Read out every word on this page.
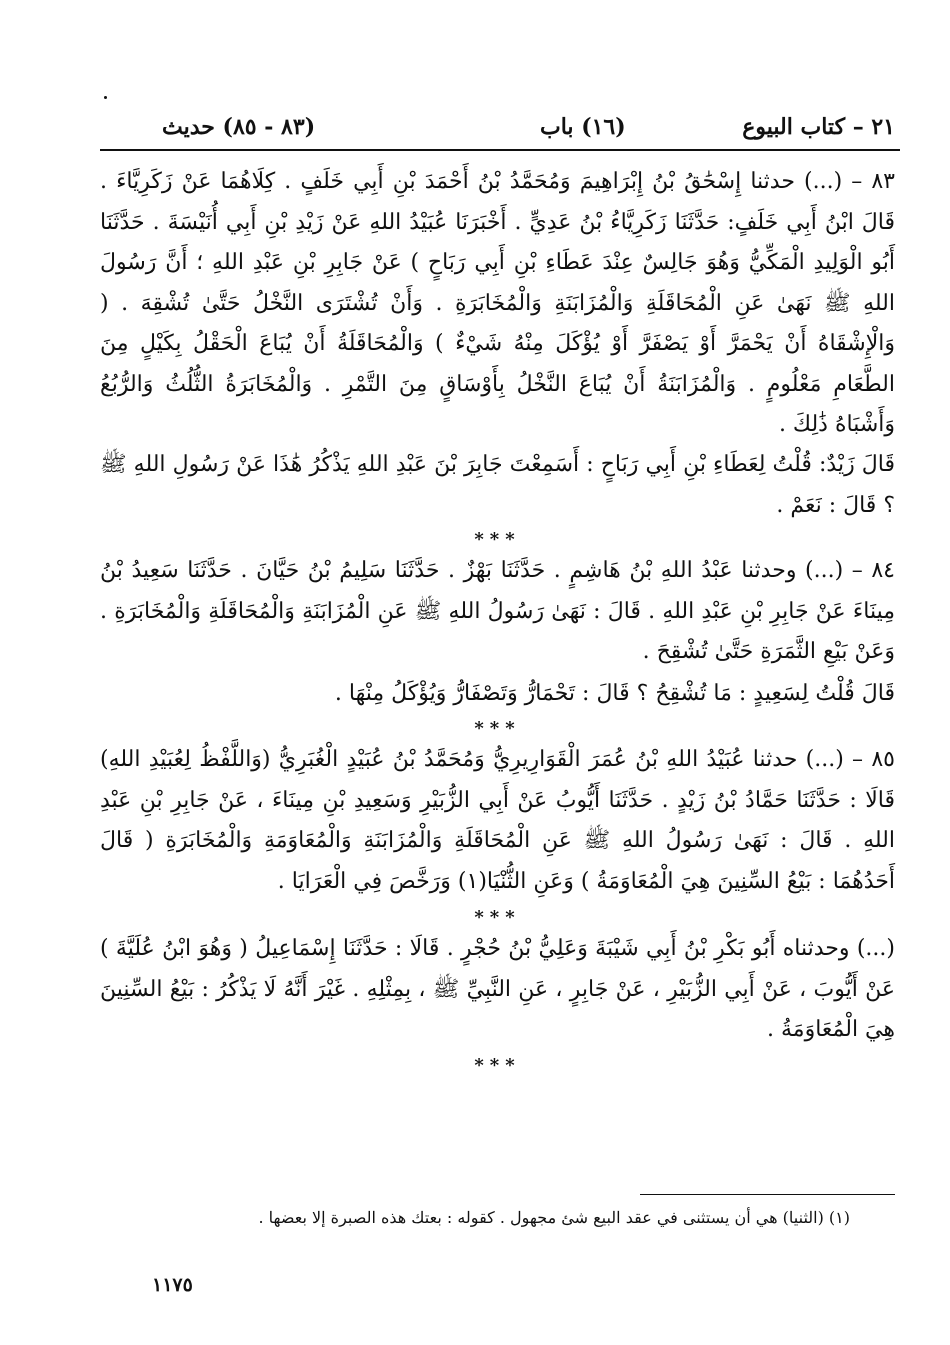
٢١ – كتاب البيوع
(١٦) باب
(٨٣ - ٨٥) حديث

٨٣ – (...) حدثنا إِسْحَٰقُ بْنُ إِبْرَاهِيمَ وَمُحَمَّدُ بْنُ أَحْمَدَ بْنِ أَبِي خَلَفٍ . كِلَاهُمَا عَنْ زَكَرِيَّاءَ . قَالَ ابْنُ أَبِي خَلَفٍ: حَدَّثَنَا زَكَرِيَّاءُ بْنُ عَدِيٍّ . أَخْبَرَنَا عُبَيْدُ اللهِ عَنْ زَيْدِ بْنِ أَبِي أُنَيْسَةَ . حَدَّثَنَا أَبُو الْوَلِيدِ الْمَكِّيُّ وَهُوَ جَالِسٌ عِنْدَ عَطَاءِ بْنِ أَبِي رَبَاحٍ ) عَنْ جَابِرِ بْنِ عَبْدِ اللهِ ؛ أَنَّ رَسُولَ اللهِ ﷺ نَهَىٰ عَنِ الْمُحَاقَلَةِ وَالْمُزَابَنَةِ وَالْمُخَابَرَةِ . وَأَنْ تُشْتَرَى النَّخْلُ حَتَّىٰ تُشْقِهَ . ( وَالْإِشْقَاهُ أَنْ يَحْمَرَّ أَوْ يَصْفَرَّ أَوْ يُؤْكَلَ مِنْهُ شَيْءٌ ) وَالْمُحَاقَلَةُ أَنْ يُبَاعَ الْحَقْلُ بِكَيْلٍ مِنَ الطَّعَامِ مَعْلُومٍ . وَالْمُزَابَنَةُ أَنْ يُبَاعَ النَّخْلُ بِأَوْسَاقٍ مِنَ التَّمْرِ . وَالْمُخَابَرَةُ الثُّلُثُ وَالرُّبُعُ وَأَشْبَاهُ ذَٰلِكَ .

قَالَ زَيْدٌ: قُلْتُ لِعَطَاءِ بْنِ أَبِي رَبَاحٍ : أَسَمِعْتَ جَابِرَ بْنَ عَبْدِ اللهِ يَذْكُرُ هَٰذَا عَنْ رَسُولِ اللهِ ﷺ ؟ قَالَ : نَعَمْ .

***

٨٤ – (...) وحدثنا عَبْدُ اللهِ بْنُ هَاشِمٍ . حَدَّثَنَا بَهْزٌ . حَدَّثَنَا سَلِيمُ بْنُ حَيَّانَ . حَدَّثَنَا سَعِيدُ بْنُ مِينَاءَ عَنْ جَابِرِ بْنِ عَبْدِ اللهِ . قَالَ : نَهَىٰ رَسُولُ اللهِ ﷺ عَنِ الْمُزَابَنَةِ وَالْمُحَاقَلَةِ وَالْمُخَابَرَةِ . وَعَنْ بَيْعِ الثَّمَرَةِ حَتَّىٰ تُشْقِحَ .

قَالَ قُلْتُ لِسَعِيدٍ : مَا تُشْقِحُ ؟ قَالَ : تَحْمَارُّ وَتَصْفَارُّ وَيُؤْكَلُ مِنْهَا .

***

٨٥ – (...) حدثنا عُبَيْدُ اللهِ بْنُ عُمَرَ الْقَوَارِيرِيُّ وَمُحَمَّدُ بْنُ عُبَيْدٍ الْغُبَرِيُّ (وَاللَّفْظُ لِعُبَيْدِ اللهِ) قَالَا : حَدَّثَنَا حَمَّادُ بْنُ زَيْدٍ . حَدَّثَنَا أَيُّوبُ عَنْ أَبِي الزُّبَيْرِ وَسَعِيدِ بْنِ مِينَاءَ ، عَنْ جَابِرِ بْنِ عَبْدِ اللهِ . قَالَ : نَهَىٰ رَسُولُ اللهِ ﷺ عَنِ الْمُحَاقَلَةِ وَالْمُزَابَنَةِ وَالْمُعَاوَمَةِ وَالْمُخَابَرَةِ ( قَالَ أَحَدُهُمَا : بَيْعُ السِّنِينَ هِيَ الْمُعَاوَمَةُ ) وَعَنِ الثُّنْيَا(١) وَرَخَّصَ فِي الْعَرَايَا .

***

(...) وحدثناه أَبُو بَكْرِ بْنُ أَبِي شَيْبَةَ وَعَلِيُّ بْنُ حُجْرٍ . قَالَا : حَدَّثَنَا إِسْمَاعِيلُ ( وَهُوَ ابْنُ عُلَيَّةَ ) عَنْ أَيُّوبَ ، عَنْ أَبِي الزُّبَيْرِ ، عَنْ جَابِرٍ ، عَنِ النَّبِيِّ ﷺ ، بِمِثْلِهِ . غَيْرَ أَنَّهُ لَا يَذْكُرُ : بَيْعُ السِّنِينَ هِيَ الْمُعَاوَمَةُ .

***
(١) (الثنيا) هي أن يستثنى في عقد البيع شئ مجهول . كقوله : بعتك هذه الصبرة إلا بعضها .
١١٧٥
